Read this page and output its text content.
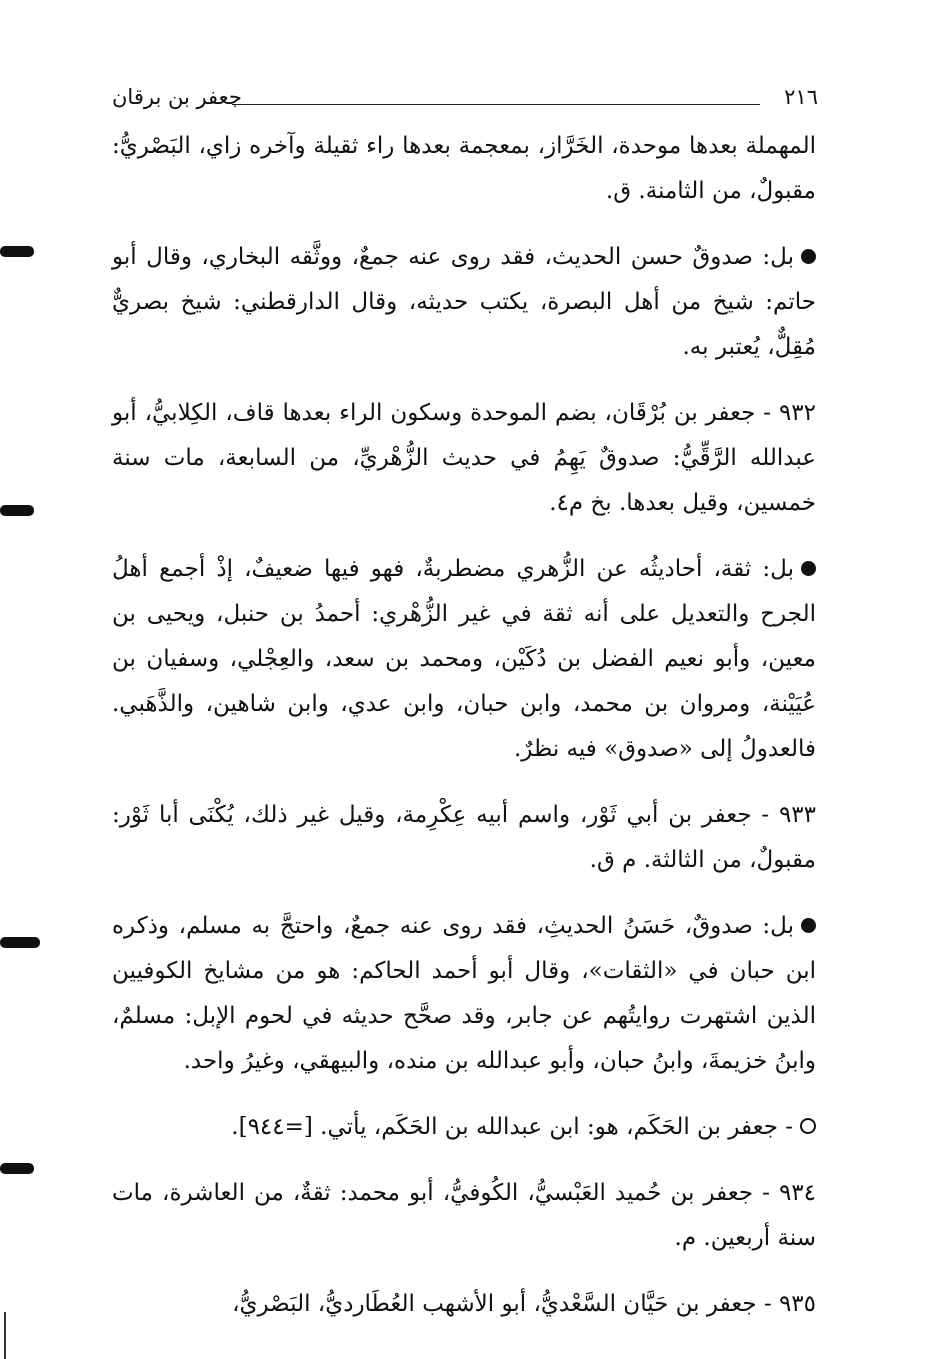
٢١٦
جعفر بن برقان

المهملة بعدها موحدة، الخَرَّاز، بمعجمة بعدها راء ثقيلة وآخره زاي، البَصْريُّ: مقبولٌ، من الثامنة. ق.

بل: صدوقٌ حسن الحديث، فقد روى عنه جمعٌ، ووثَّقه البخاري، وقال أبو حاتم: شيخ من أهل البصرة، يكتب حديثه، وقال الدارقطني: شيخ بصريٌّ مُقِلٌّ، يُعتبر به.

٩٣٢ - جعفر بن بُرْقَان، بضم الموحدة وسكون الراء بعدها قاف، الكِلابيُّ، أبو عبدالله الرَّقِّيُّ: صدوقٌ يَهِمُ في حديث الزُّهْريِّ، من السابعة، مات سنة خمسين، وقيل بعدها. بخ م٤.

بل: ثقة، أحاديثُه عن الزُّهري مضطربةٌ، فهو فيها ضعيفٌ، إذْ أجمع أهلُ الجرح والتعديل على أنه ثقة في غير الزُّهْري: أحمدُ بن حنبل، ويحيى بن معين، وأبو نعيم الفضل بن دُكَيْن، ومحمد بن سعد، والعِجْلي، وسفيان بن عُيَيْنة، ومروان بن محمد، وابن حبان، وابن عدي، وابن شاهين، والذَّهَبي. فالعدولُ إلى «صدوق» فيه نظرٌ.

٩٣٣ - جعفر بن أبي ثَوْر، واسم أبيه عِكْرِمة، وقيل غير ذلك، يُكْنَى أبا ثَوْر: مقبولٌ، من الثالثة. م ق.

بل: صدوقٌ، حَسَنُ الحديثِ، فقد روى عنه جمعٌ، واحتجَّ به مسلم، وذكره ابن حبان في «الثقات»، وقال أبو أحمد الحاكم: هو من مشايخ الكوفيين الذين اشتهرت روايتُهم عن جابر، وقد صحَّح حديثه في لحوم الإبل: مسلمٌ، وابنُ خزيمةَ، وابنُ حبان، وأبو عبدالله بن منده، والبيهقي، وغيرُ واحد.

- جعفر بن الحَكَم، هو: ابن عبدالله بن الحَكَم، يأتي. [=٩٤٤].

٩٣٤ - جعفر بن حُميد العَبْسيُّ، الكُوفيُّ، أبو محمد: ثقةٌ، من العاشرة، مات سنة أربعين. م.

٩٣٥ - جعفر بن حَيَّان السَّعْديُّ، أبو الأشهب العُطَارديُّ، البَصْريُّ،
